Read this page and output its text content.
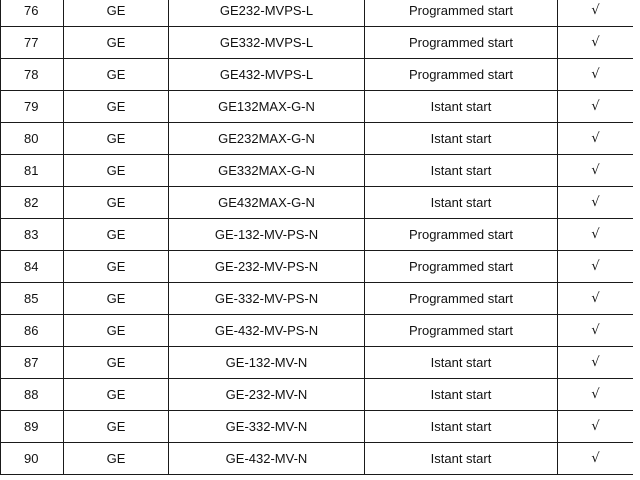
76	GE	GE232-MVPS-L	Programmed start	√
77	GE	GE332-MVPS-L	Programmed start	√
78	GE	GE432-MVPS-L	Programmed start	√
79	GE	GE132MAX-G-N	Istant start	√
80	GE	GE232MAX-G-N	Istant start	√
81	GE	GE332MAX-G-N	Istant start	√
82	GE	GE432MAX-G-N	Istant start	√
83	GE	GE-132-MV-PS-N	Programmed start	√
84	GE	GE-232-MV-PS-N	Programmed start	√
85	GE	GE-332-MV-PS-N	Programmed start	√
86	GE	GE-432-MV-PS-N	Programmed start	√
87	GE	GE-132-MV-N	Istant start	√
88	GE	GE-232-MV-N	Istant start	√
89	GE	GE-332-MV-N	Istant start	√
90	GE	GE-432-MV-N	Istant start	√
